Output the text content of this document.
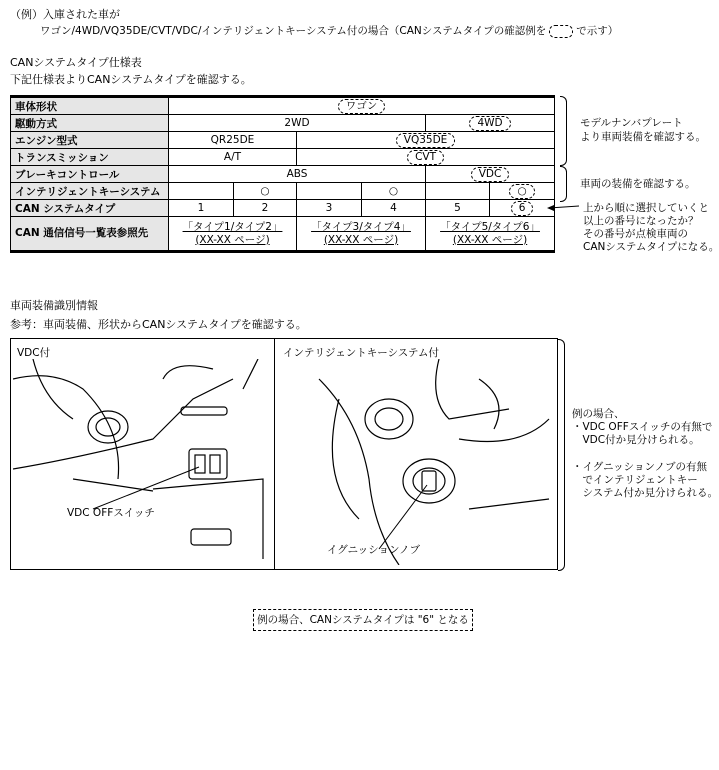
（例）入庫された車が
ワゴン/4WD/VQ35DE/CVT/VDC/インテリジェントキーシステム付の場合（CANシステムタイプの確認例を	で示す）
CANシステムタイプ仕様表
下記仕様表よりCANシステムタイプを確認する。
車体形状	ワゴン					
駆動方式	2WD				4WD	
エンジン型式	QR25DE		VQ35DE			
トランスミッション	A/T		CVT			
ブレーキコントロール	ABS				VDC	
インテリジェントキーシステム		○		○		○
CAN システムタイプ	1	2	3	4	5	6
CAN 通信信号一覧表参照先	「タイプ1/タイプ2」(XX-XX ページ)		「タイプ3/タイプ4」(XX-XX ページ)		「タイプ5/タイプ6」(XX-XX ページ)	
モデルナンバプレート
より車両装備を確認する。
車両の装備を確認する。
上から順に選択していくと
以上の番号になったか？
その番号が点検車両の
CANシステムタイプになる。
車両装備識別情報
参考：車両装備、形状からCANシステムタイプを確認する。
VDC付	インテリジェントキーシステム付
VDC OFFスイッチ
イグニッションノブ
例の場合、
・VDC OFFスイッチの有無で
　VDC付か見分けられる。
・イグニッションノブの有無
　でインテリジェントキー
　システム付か見分けられる。
例の場合、CANシステムタイプは "6" となる
